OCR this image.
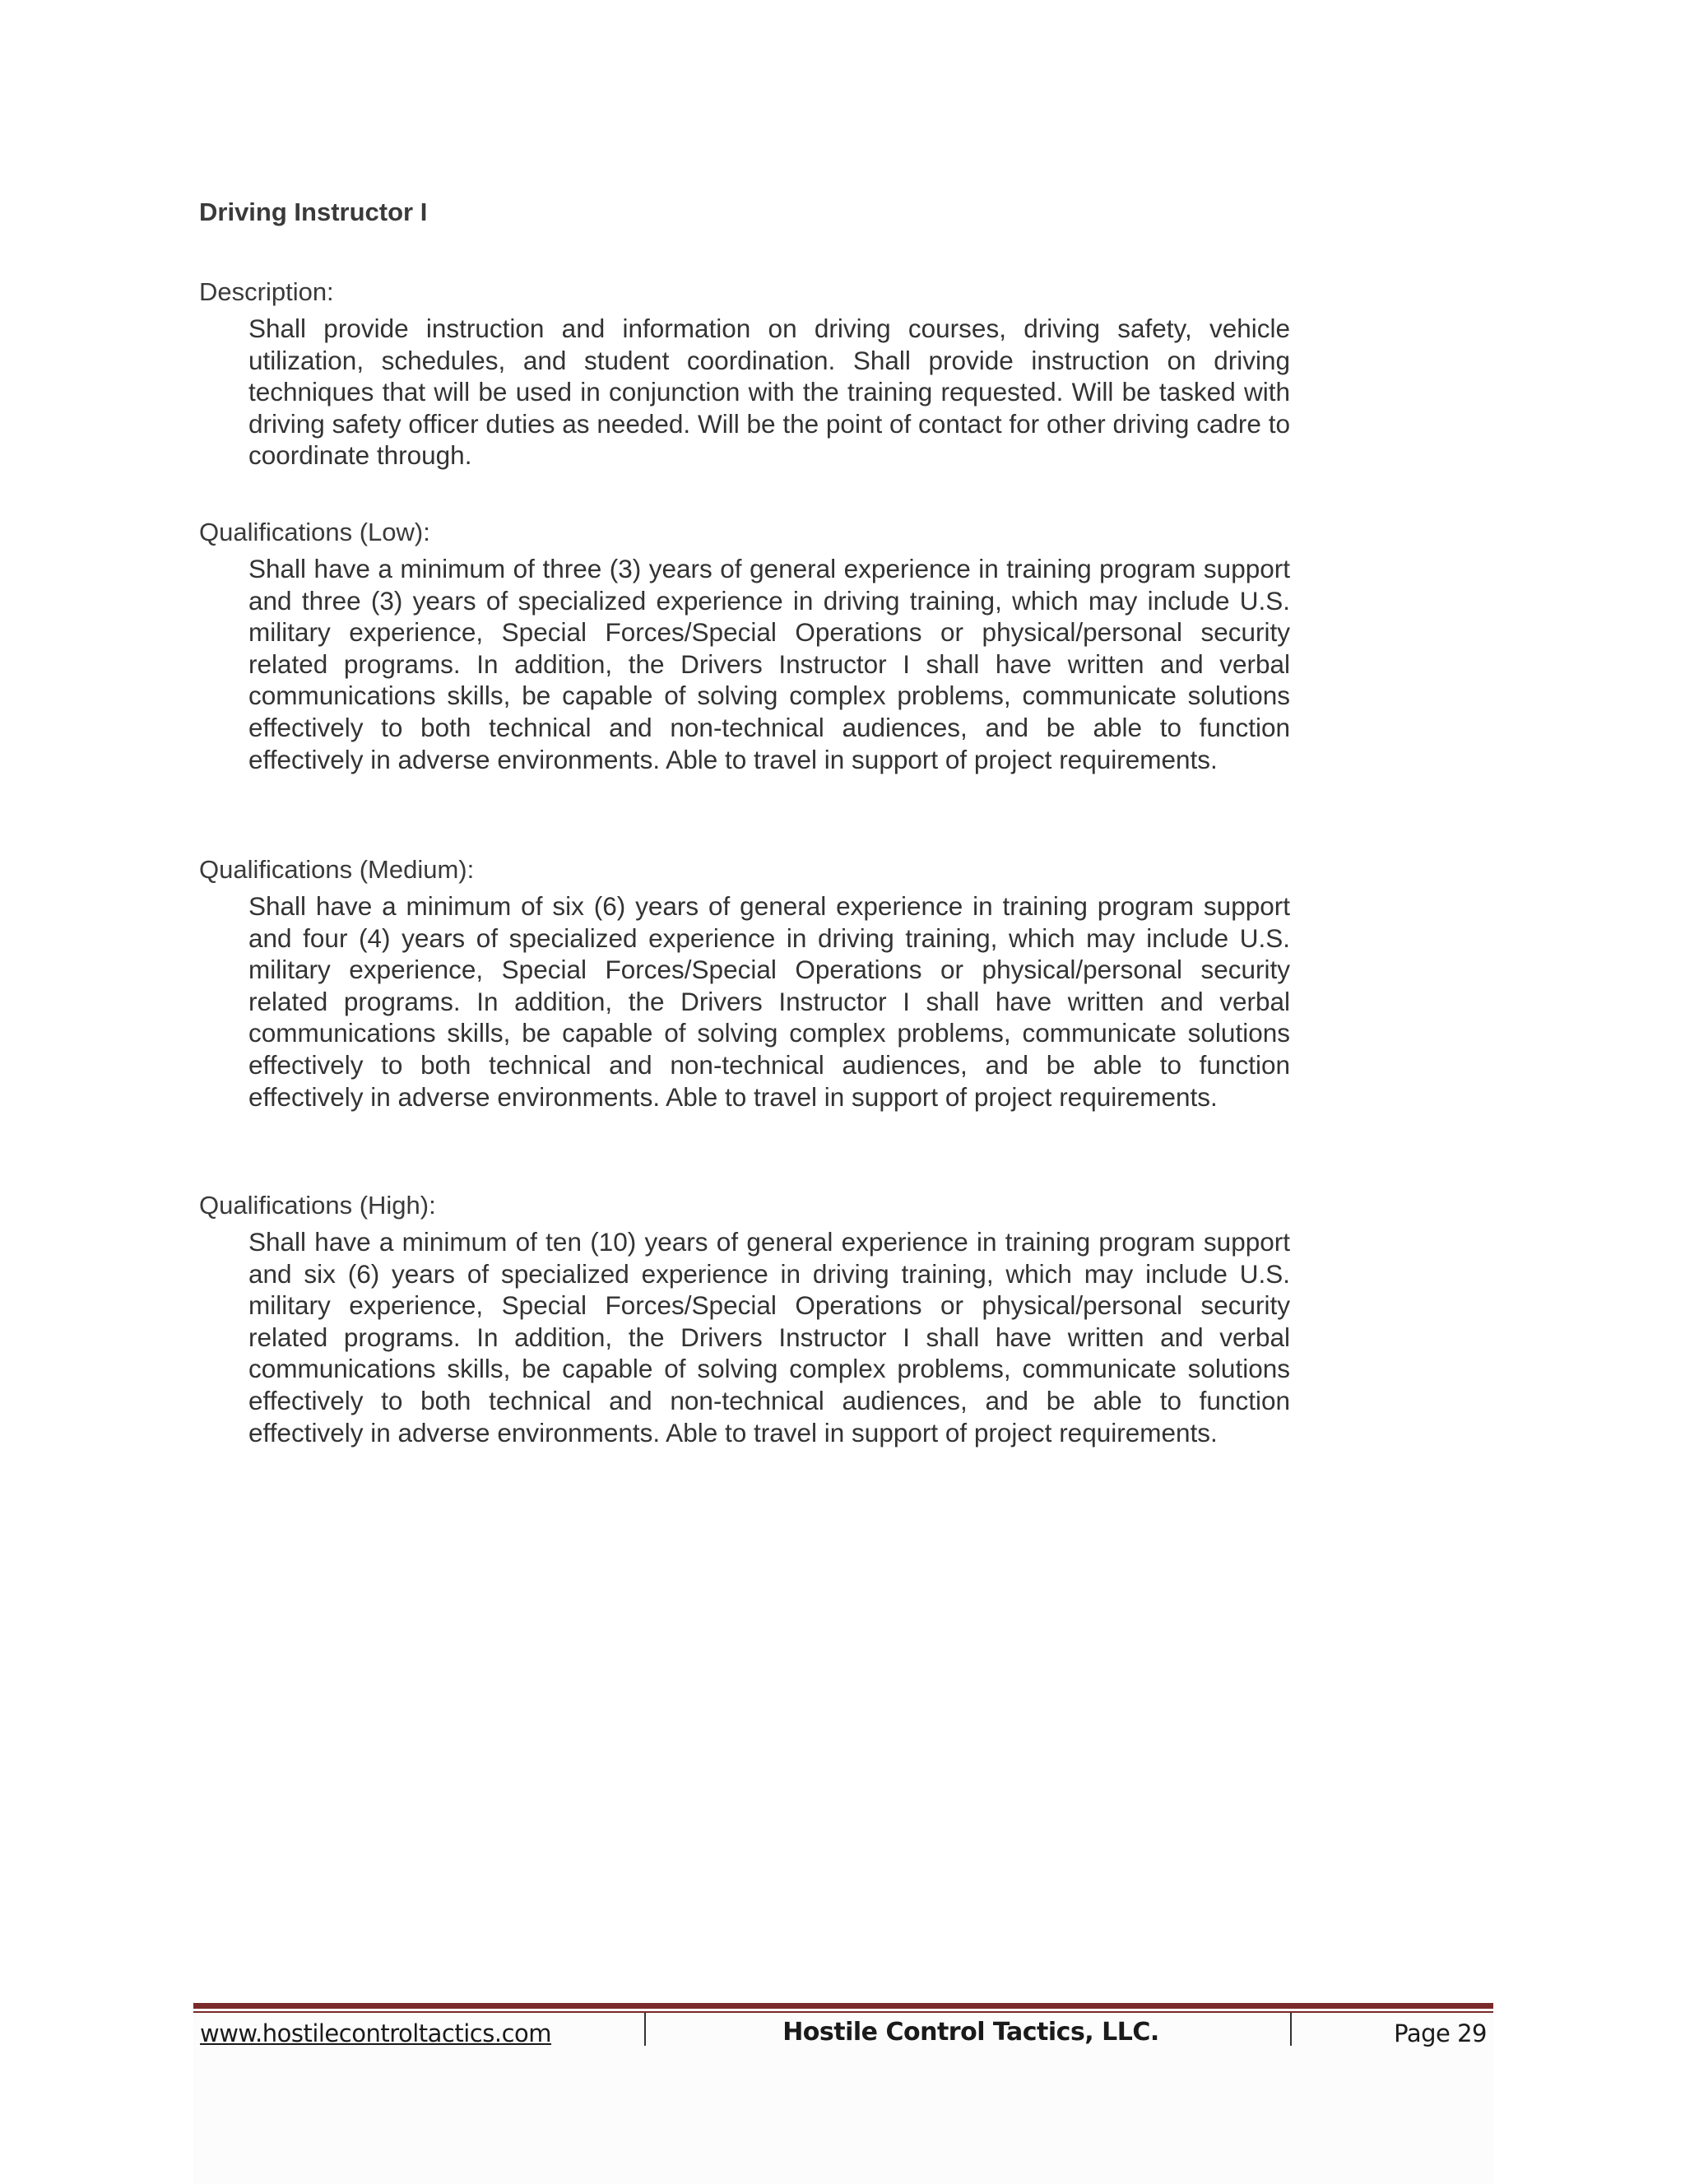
Driving Instructor I

Description:

Shall provide instruction and information on driving courses, driving safety, vehicle utilization, schedules, and student coordination. Shall provide instruction on driving techniques that will be used in conjunction with the training requested. Will be tasked with driving safety officer duties as needed. Will be the point of contact for other driving cadre to coordinate through.

Qualifications (Low):

Shall have a minimum of three (3) years of general experience in training program support and three (3) years of specialized experience in driving training, which may include U.S. military experience, Special Forces/Special Operations or physical/personal security related programs. In addition, the Drivers Instructor I shall have written and verbal communications skills, be capable of solving complex problems, communicate solutions effectively to both technical and non-technical audiences, and be able to function effectively in adverse environments. Able to travel in support of project requirements.

Qualifications (Medium):

Shall have a minimum of six (6) years of general experience in training program support and four (4) years of specialized experience in driving training, which may include U.S. military experience, Special Forces/Special Operations or physical/personal security related programs. In addition, the Drivers Instructor I shall have written and verbal communications skills, be capable of solving complex problems, communicate solutions effectively to both technical and non-technical audiences, and be able to function effectively in adverse environments. Able to travel in support of project requirements.

Qualifications (High):

Shall have a minimum of ten (10) years of general experience in training program support and six (6) years of specialized experience in driving training, which may include U.S. military experience, Special Forces/Special Operations or physical/personal security related programs. In addition, the Drivers Instructor I shall have written and verbal communications skills, be capable of solving complex problems, communicate solutions effectively to both technical and non-technical audiences, and be able to function effectively in adverse environments. Able to travel in support of project requirements.

www.hostilecontroltactics.com	Hostile Control Tactics, LLC.	Page 29
